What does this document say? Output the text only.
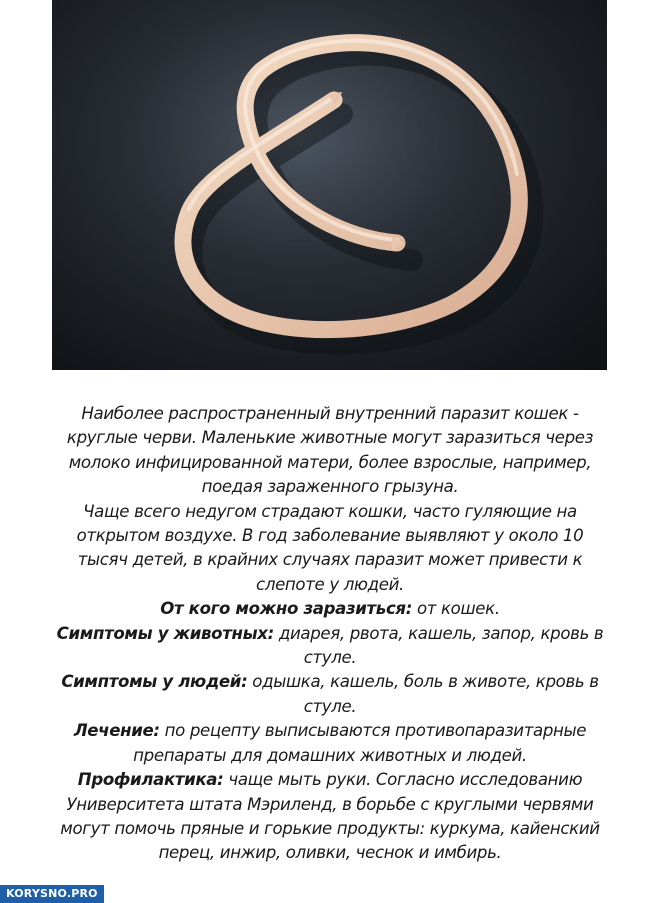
Наиболее распространенный внутренний паразит кошек -

круглые черви. Маленькие животные могут заразиться через

молоко инфицированной матери, более взрослые, например,

поедая зараженного грызуна.

Чаще всего недугом страдают кошки, часто гуляющие на

открытом воздухе. В год заболевание выявляют у около 10

тысяч детей, в крайних случаях паразит может привести к

слепоте у людей.

От кого можно заразиться: от кошек.

Симптомы у животных: диарея, рвота, кашель, запор, кровь в

стуле.

Симптомы у людей: одышка, кашель, боль в животе, кровь в

стуле.

Лечение: по рецепту выписываются противопаразитарные

препараты для домашних животных и людей.

Профилактика: чаще мыть руки. Согласно исследованию

Университета штата Мэриленд, в борьбе с круглыми червями

могут помочь пряные и горькие продукты: куркума, кайенский

перец, инжир, оливки, чеснок и имбирь.

KORYSNO.PRO
